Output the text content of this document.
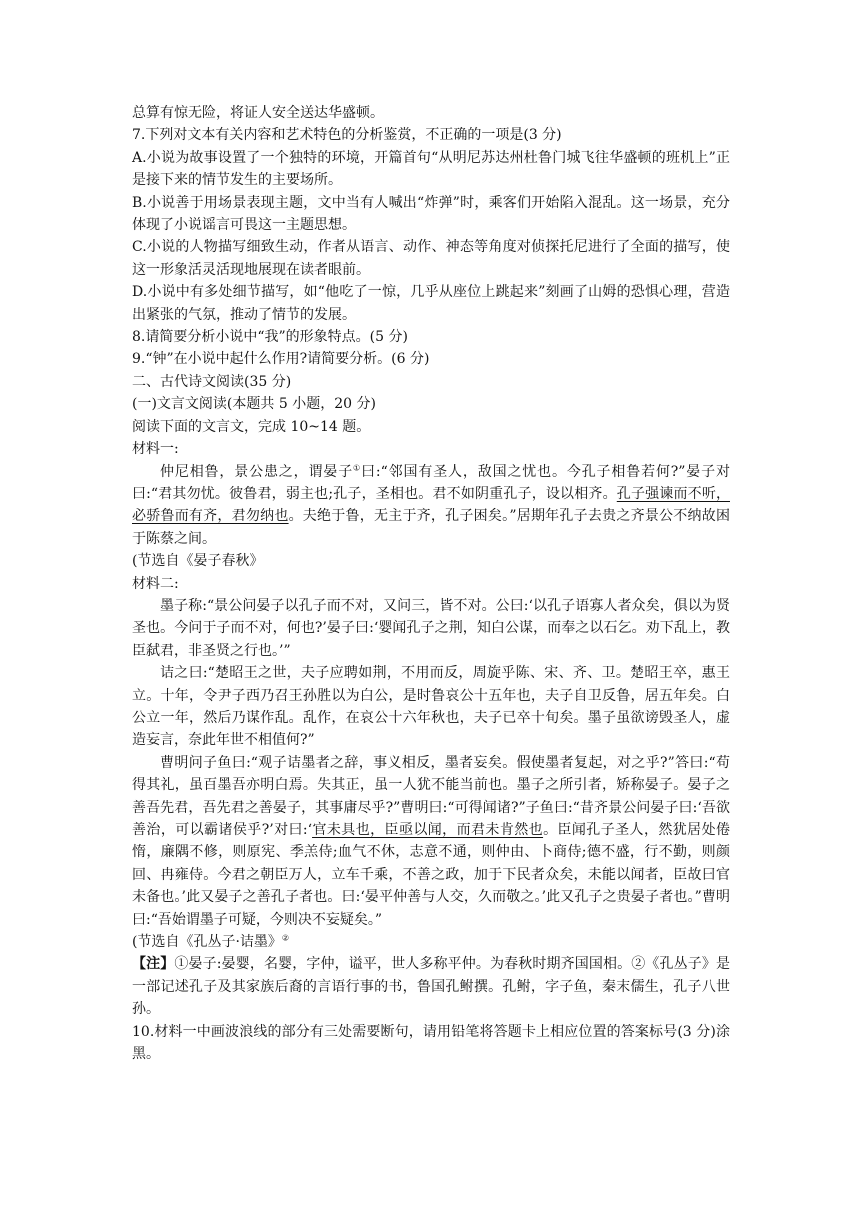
总算有惊无险，将证人安全送达华盛顿。

7.下列对文本有关内容和艺术特色的分析鉴赏，不正确的一项是(3 分)

A.小说为故事设置了一个独特的环境，开篇首句“从明尼苏达州杜鲁门城飞往华盛顿的班机上”正是接下来的情节发生的主要场所。

B.小说善于用场景表现主题，文中当有人喊出“炸弹”时，乘客们开始陷入混乱。这一场景，充分体现了小说谣言可畏这一主题思想。

C.小说的人物描写细致生动，作者从语言、动作、神态等角度对侦探托尼进行了全面的描写，使这一形象活灵活现地展现在读者眼前。

D.小说中有多处细节描写，如“他吃了一惊，几乎从座位上跳起来”刻画了山姆的恐惧心理，营造出紧张的气氛，推动了情节的发展。

8.请简要分析小说中“我”的形象特点。(5 分)

9.“钟”在小说中起什么作用?请简要分析。(6 分)

二、古代诗文阅读(35 分)

(一)文言文阅读(本题共 5 小题，20 分)

阅读下面的文言文，完成 10~14 题。

材料一:

仲尼相鲁，景公患之，谓晏子①曰:“邻国有圣人，敌国之忧也。今孔子相鲁若何?”晏子对曰:“君其勿忧。彼鲁君，弱主也;孔子，圣相也。君不如阴重孔子，设以相齐。孔子强谏而不听，必骄鲁而有齐，君勿纳也。夫绝于鲁，无主于齐，孔子困矣。”居期年孔子去贵之齐景公不纳故困于陈蔡之间。

(节选自《晏子春秋》

材料二:

墨子称:“景公问晏子以孔子而不对，又问三，皆不对。公曰:‘以孔子语寡人者众矣，俱以为贤圣也。今问于子而不对，何也?’晏子曰:‘婴闻孔子之荆，知白公谋，而奉之以石乞。劝下乱上，教臣弑君，非圣贤之行也。’”

诘之曰:“楚昭王之世，夫子应聘如荆，不用而反，周旋乎陈、宋、齐、卫。楚昭王卒，惠王立。十年，令尹子西乃召王孙胜以为白公，是时鲁哀公十五年也，夫子自卫反鲁，居五年矣。白公立一年，然后乃谋作乱。乱作，在哀公十六年秋也，夫子已卒十旬矣。墨子虽欲谤毁圣人，虚造妄言，奈此年世不相值何?”

曹明问子鱼曰:“观子诘墨者之辞，事义相反，墨者妄矣。假使墨者复起，对之乎?”答曰:“苟得其礼，虽百墨吾亦明白焉。失其正，虽一人犹不能当前也。墨子之所引者，矫称晏子。晏子之善吾先君，吾先君之善晏子，其事庸尽乎?”曹明曰:“可得闻诸?”子鱼曰:“昔齐景公问晏子曰:‘吾欲善治，可以霸诸侯乎?’对曰:‘官未具也，臣亟以闻，而君未肯然也。臣闻孔子圣人，然犹居处倦惰，廉隅不修，则原宪、季羔侍;血气不休，志意不通，则仲由、卜商侍;德不盛，行不勤，则颜回、冉雍侍。今君之朝臣万人，立车千乘，不善之政，加于下民者众矣，未能以闻者，臣故曰官未备也。’此又晏子之善孔子者也。曰:‘晏平仲善与人交，久而敬之。’此又孔子之贵晏子者也。”曹明曰:“吾始谓墨子可疑，今则决不妄疑矣。”

(节选自《孔丛子·诘墨》②

【注】①晏子:晏婴，名婴，字仲，谥平，世人多称平仲。为春秋时期齐国国相。②《孔丛子》是一部记述孔子及其家族后裔的言语行事的书，鲁国孔鲋撰。孔鲋，字子鱼，秦末儒生，孔子八世孙。

10.材料一中画波浪线的部分有三处需要断句，请用铅笔将答题卡上相应位置的答案标号(3 分)涂黑。
